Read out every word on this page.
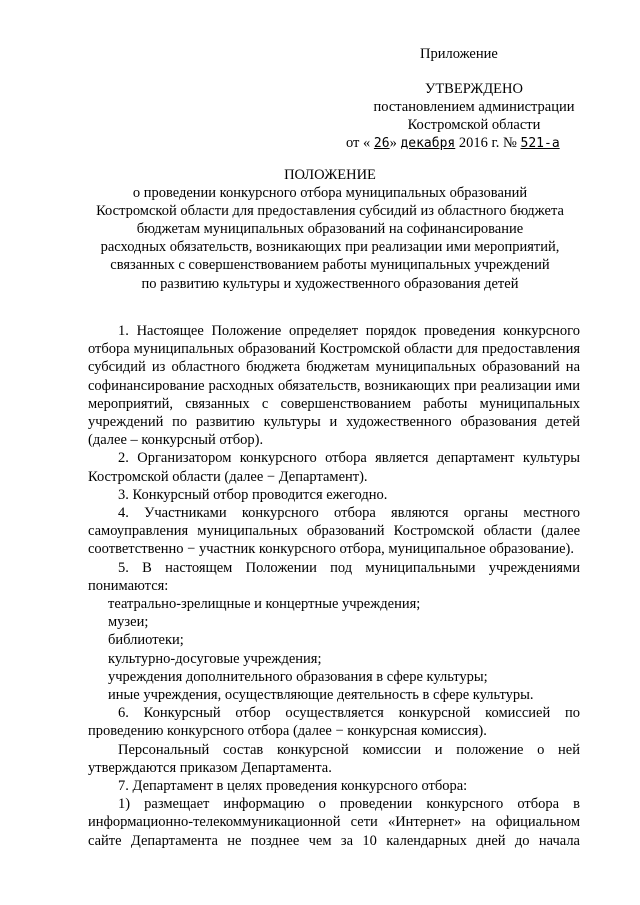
Приложение
УТВЕРЖДЕНО
постановлением администрации
Костромской области
от « 26» декабря 2016 г. № 521-а
ПОЛОЖЕНИЕ
о проведении конкурсного отбора муниципальных образований
Костромской области для предоставления субсидий из областного бюджета
бюджетам муниципальных образований на софинансирование
расходных обязательств, возникающих при реализации ими мероприятий,
связанных с совершенствованием работы муниципальных учреждений
по развитию культуры и художественного образования детей

1. Настоящее Положение определяет порядок проведения конкурсного отбора муниципальных образований Костромской области для предоставления субсидий из областного бюджета бюджетам муниципальных образований на софинансирование расходных обязательств, возникающих при реализации ими мероприятий, связанных с совершенствованием работы муниципальных учреждений по развитию культуры и художественного образования детей (далее – конкурсный отбор).

2. Организатором конкурсного отбора является департамент культуры Костромской области (далее − Департамент).

3. Конкурсный отбор проводится ежегодно.

4. Участниками конкурсного отбора являются органы местного самоуправления муниципальных образований Костромской области (далее соответственно − участник конкурсного отбора, муниципальное образование).

5. В настоящем Положении под муниципальными учреждениями понимаются:

театрально-зрелищные и концертные учреждения;

музеи;

библиотеки;

культурно-досуговые учреждения;

учреждения дополнительного образования в сфере культуры;

иные учреждения, осуществляющие деятельность в сфере культуры.

6. Конкурсный отбор осуществляется конкурсной комиссией по проведению конкурсного отбора (далее − конкурсная комиссия).

Персональный состав конкурсной комиссии и положение о ней утверждаются приказом Департамента.

7. Департамент в целях проведения конкурсного отбора:

1) размещает информацию о проведении конкурсного отбора в информационно-телекоммуникационной сети «Интернет» на официальном сайте Департамента не позднее чем за 10 календарных дней до начала
